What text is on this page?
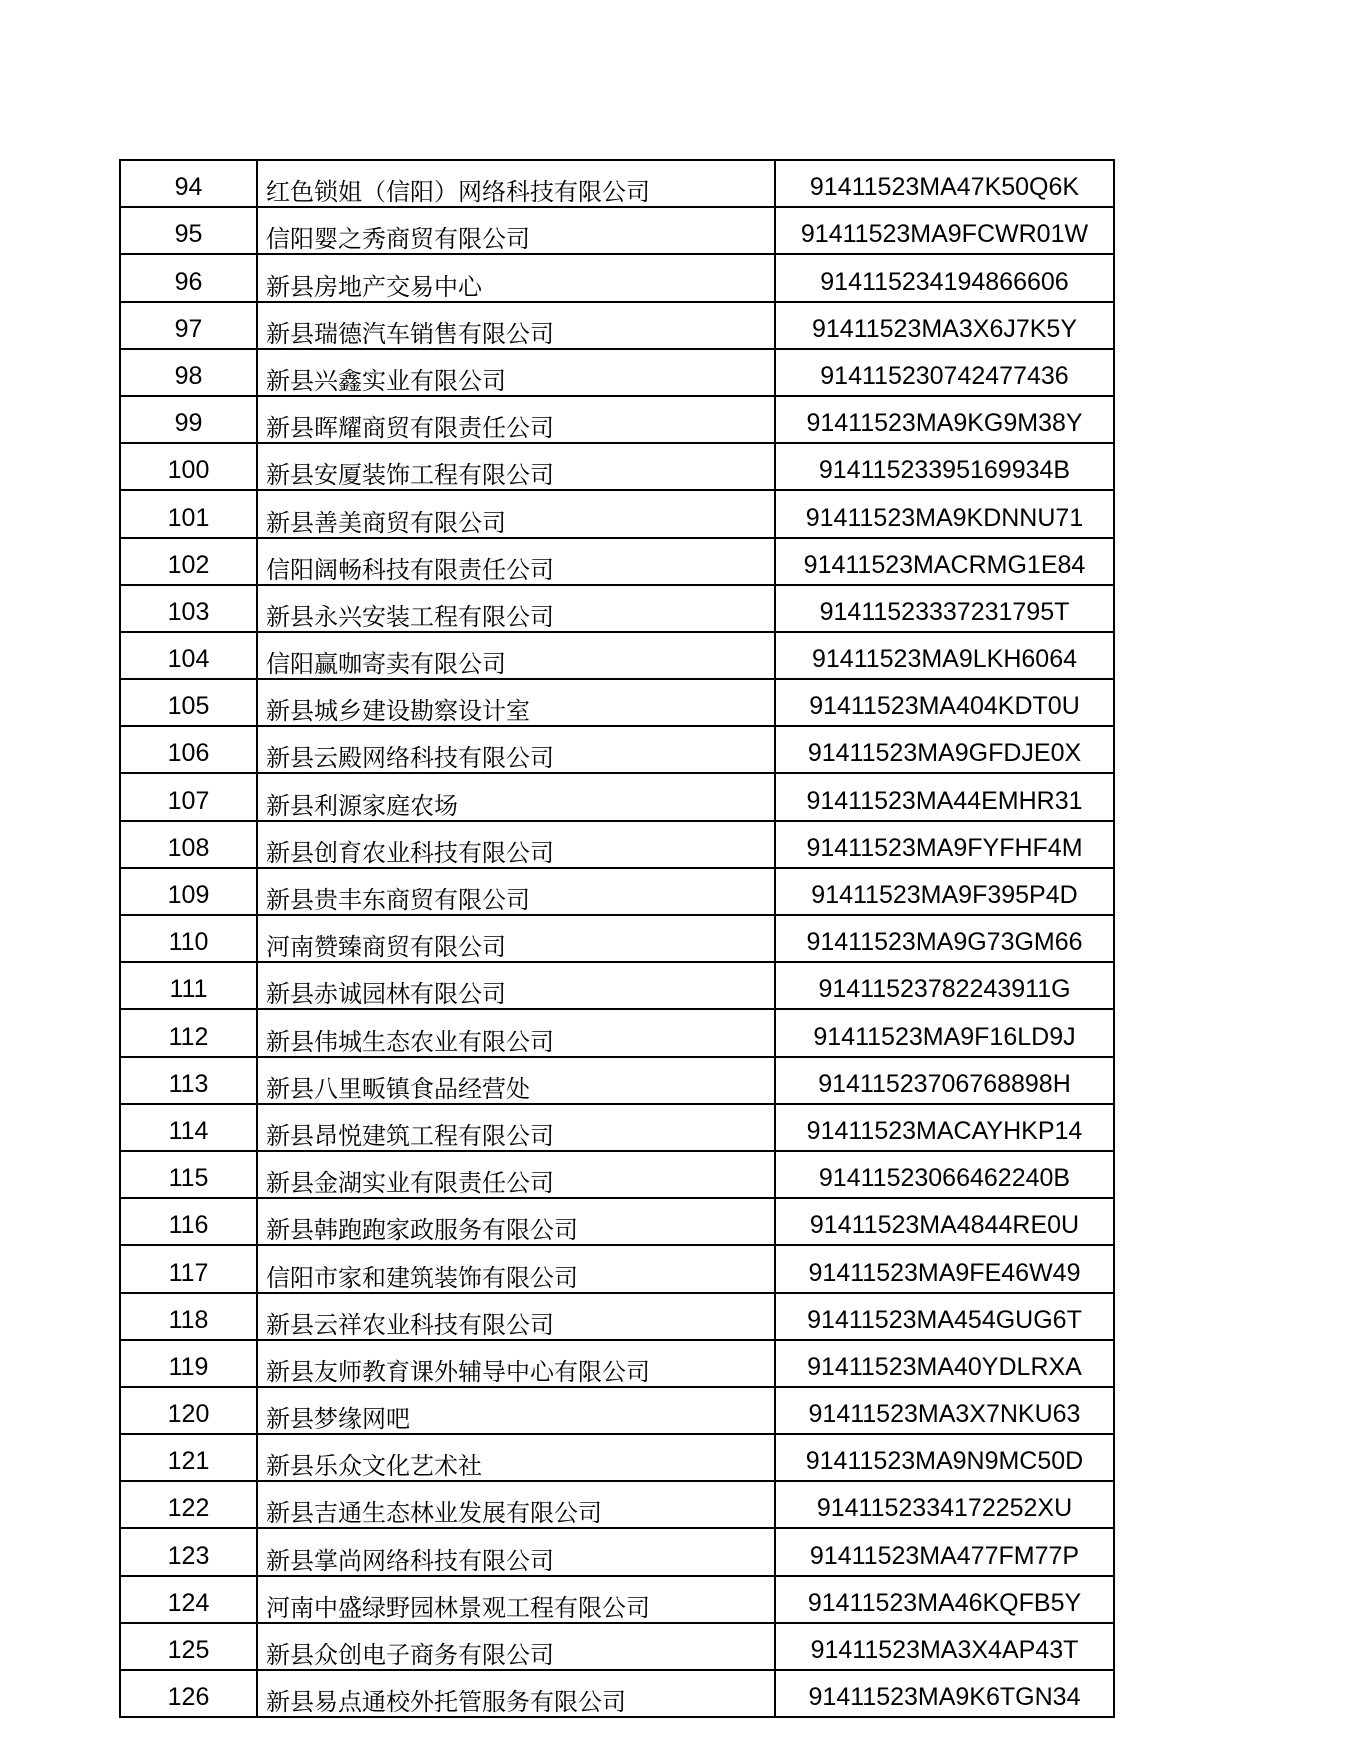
94	红色锁姐（信阳）网络科技有限公司	91411523MA47K50Q6K
95	信阳婴之秀商贸有限公司	91411523MA9FCWR01W
96	新县房地产交易中心	914115234194866606
97	新县瑞德汽车销售有限公司	91411523MA3X6J7K5Y
98	新县兴鑫实业有限公司	914115230742477436
99	新县晖耀商贸有限责任公司	91411523MA9KG9M38Y
100	新县安厦装饰工程有限公司	91411523395169934B
101	新县善美商贸有限公司	91411523MA9KDNNU71
102	信阳阔畅科技有限责任公司	91411523MACRMG1E84
103	新县永兴安装工程有限公司	91411523337231795T
104	信阳赢咖寄卖有限公司	91411523MA9LKH6064
105	新县城乡建设勘察设计室	91411523MA404KDT0U
106	新县云殿网络科技有限公司	91411523MA9GFDJE0X
107	新县利源家庭农场	91411523MA44EMHR31
108	新县创育农业科技有限公司	91411523MA9FYFHF4M
109	新县贵丰东商贸有限公司	91411523MA9F395P4D
110	河南赞臻商贸有限公司	91411523MA9G73GM66
111	新县赤诚园林有限公司	91411523782243911G
112	新县伟城生态农业有限公司	91411523MA9F16LD9J
113	新县八里畈镇食品经营处	91411523706768898H
114	新县昂悦建筑工程有限公司	91411523MACAYHKP14
115	新县金湖实业有限责任公司	91411523066462240B
116	新县韩跑跑家政服务有限公司	91411523MA4844RE0U
117	信阳市家和建筑装饰有限公司	91411523MA9FE46W49
118	新县云祥农业科技有限公司	91411523MA454GUG6T
119	新县友师教育课外辅导中心有限公司	91411523MA40YDLRXA
120	新县梦缘网吧	91411523MA3X7NKU63
121	新县乐众文化艺术社	91411523MA9N9MC50D
122	新县吉通生态林业发展有限公司	9141152334172252XU
123	新县掌尚网络科技有限公司	91411523MA477FM77P
124	河南中盛绿野园林景观工程有限公司	91411523MA46KQFB5Y
125	新县众创电子商务有限公司	91411523MA3X4AP43T
126	新县易点通校外托管服务有限公司	91411523MA9K6TGN34
